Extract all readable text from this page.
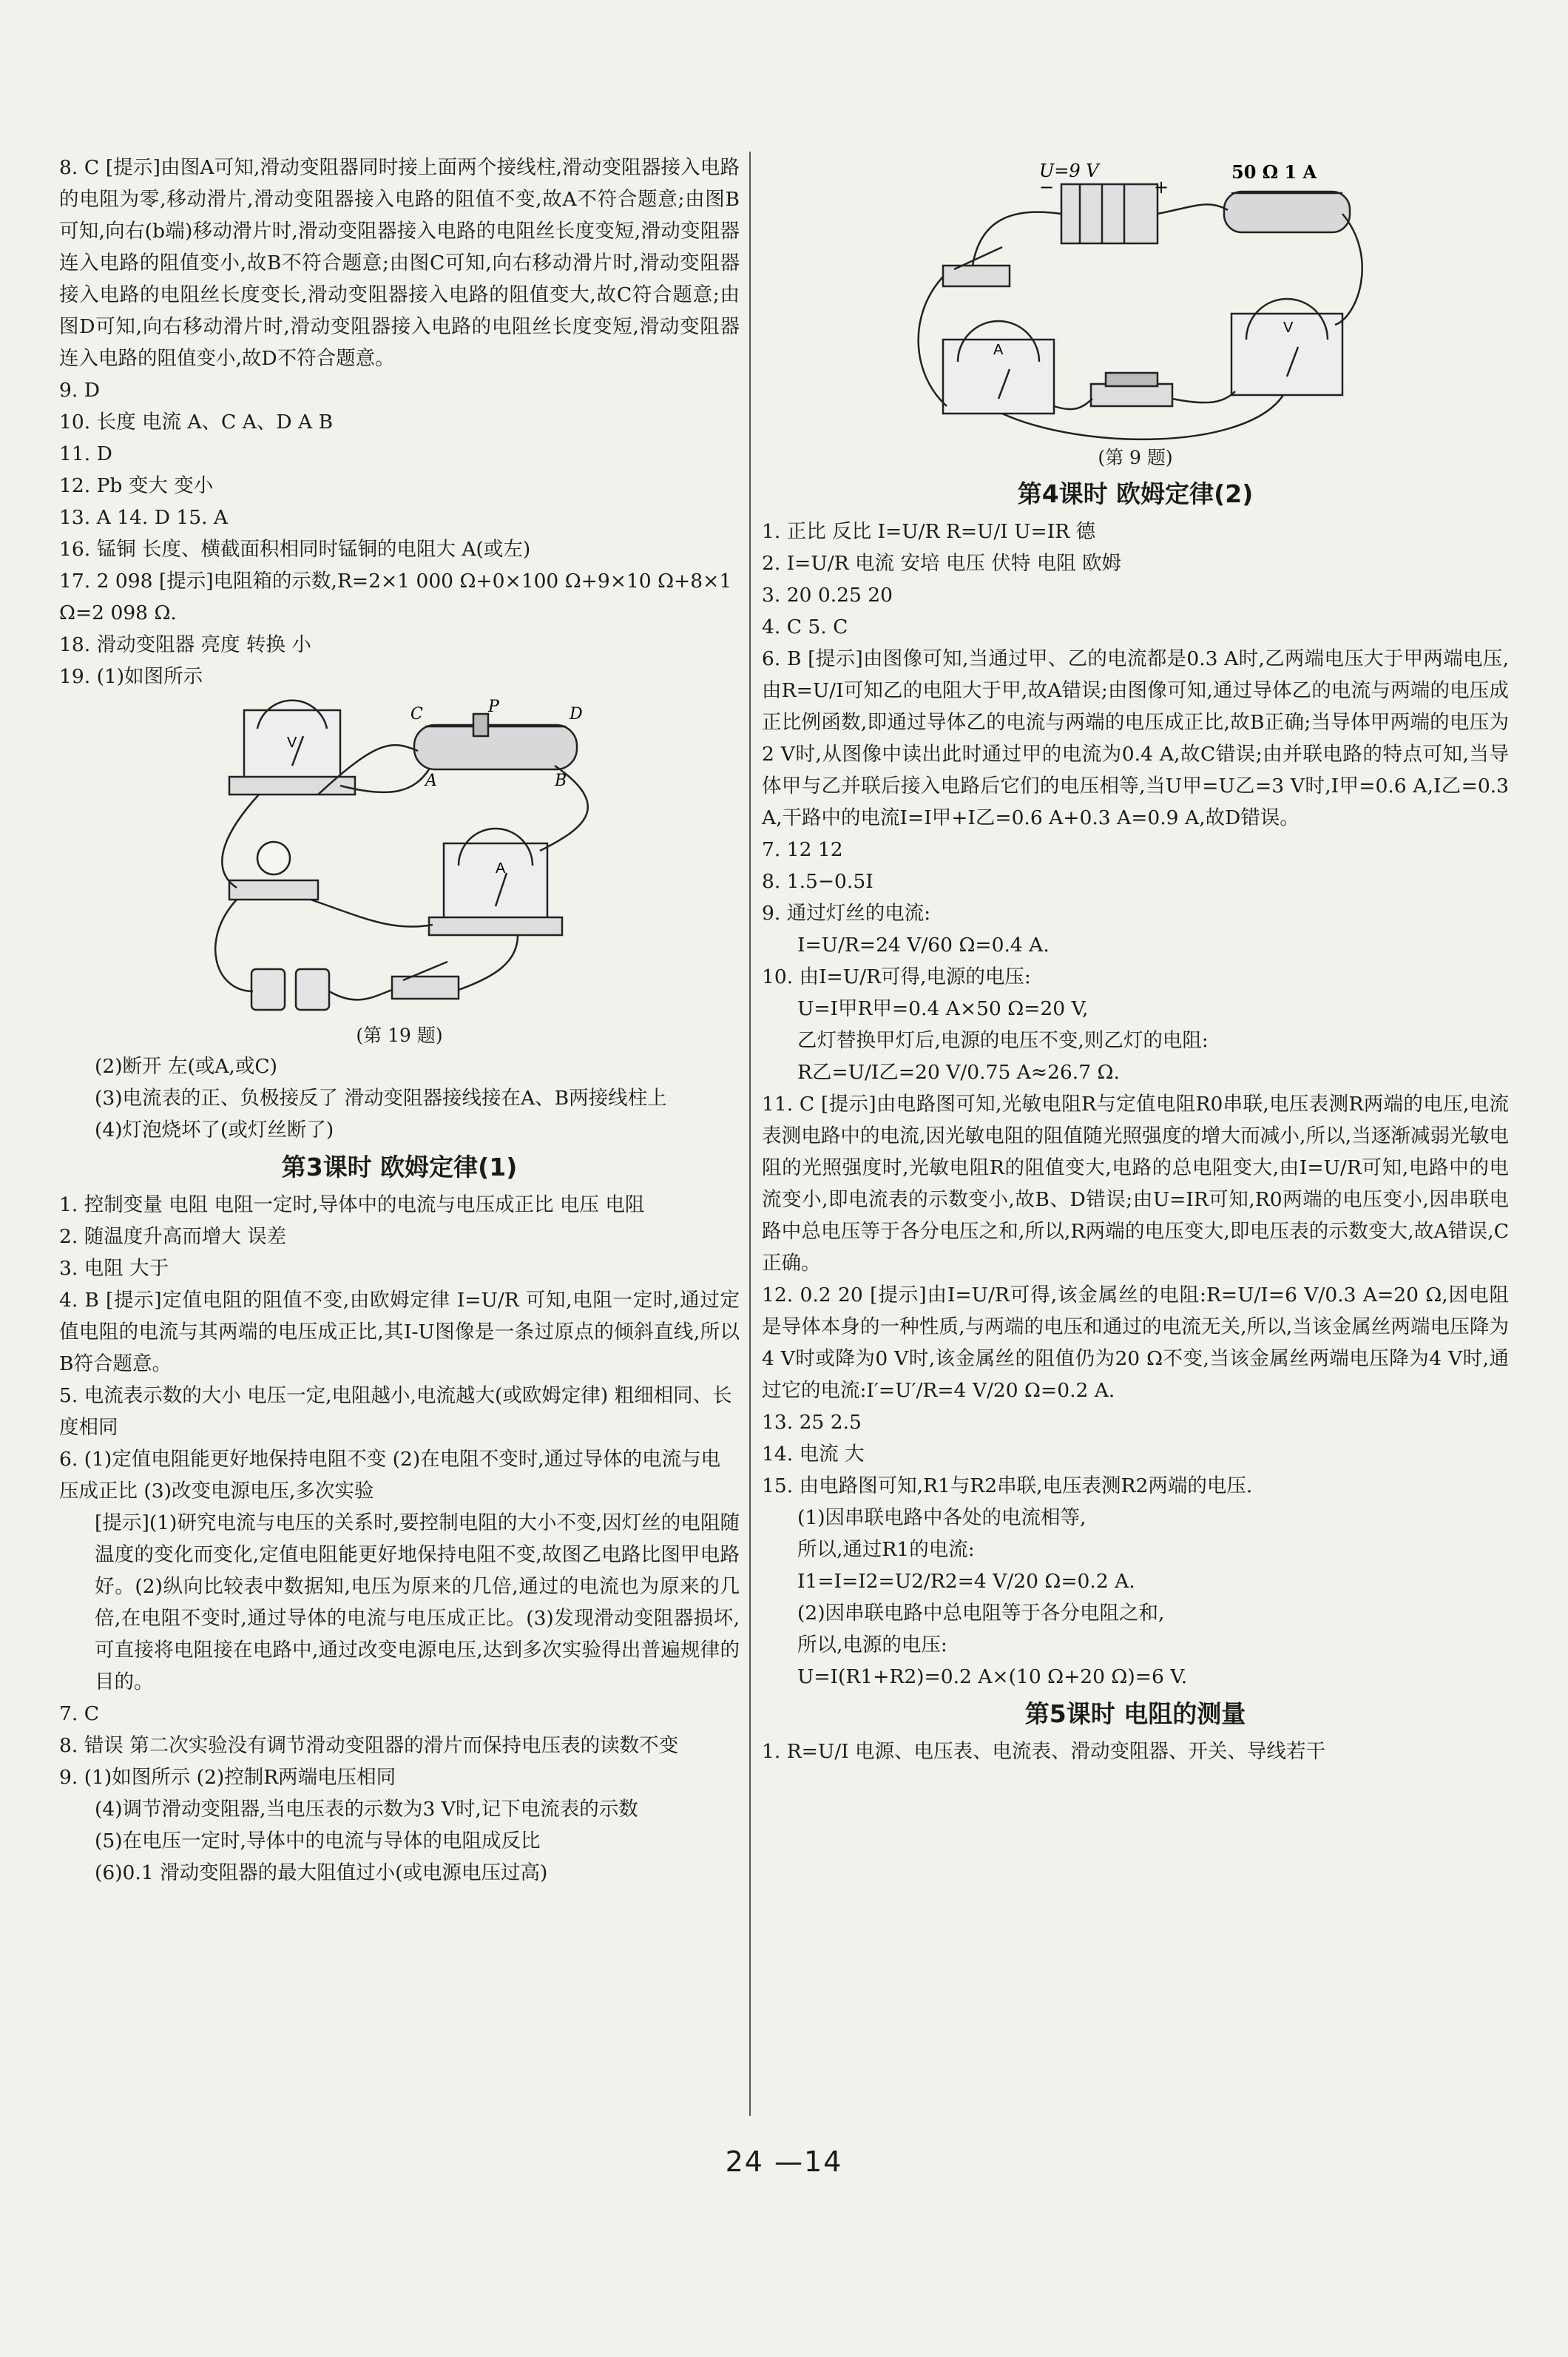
8. C [提示]由图A可知,滑动变阻器同时接上面两个接线柱,滑动变阻器接入电路的电阻为零,移动滑片,滑动变阻器接入电路的阻值不变,故A不符合题意;由图B可知,向右(b端)移动滑片时,滑动变阻器接入电路的电阻丝长度变短,滑动变阻器连入电路的阻值变小,故B不符合题意;由图C可知,向右移动滑片时,滑动变阻器接入电路的电阻丝长度变长,滑动变阻器接入电路的阻值变大,故C符合题意;由图D可知,向右移动滑片时,滑动变阻器接入电路的电阻丝长度变短,滑动变阻器连入电路的阻值变小,故D不符合题意。
9. D
10. 长度 电流 A、C A、D A B
11. D
12. Pb 变大 变小
13. A 14. D 15. A
16. 锰铜 长度、横截面积相同时锰铜的电阻大 A(或左)
17. 2 098 [提示]电阻箱的示数,R=2×1 000 Ω+0×100 Ω+9×10 Ω+8×1 Ω=2 098 Ω.
18. 滑动变阻器 亮度 转换 小
19. (1)如图所示
V
A
C	P	D
A	B
(第 19 题)
(2)断开 左(或A,或C)
(3)电流表的正、负极接反了 滑动变阻器接线接在A、B两接线柱上
(4)灯泡烧坏了(或灯丝断了)
第3课时 欧姆定律(1)
1. 控制变量 电阻 电阻一定时,导体中的电流与电压成正比 电压 电阻
2. 随温度升高而增大 误差
3. 电阻 大于
4. B [提示]定值电阻的阻值不变,由欧姆定律 I=U/R 可知,电阻一定时,通过定值电阻的电流与其两端的电压成正比,其I-U图像是一条过原点的倾斜直线,所以B符合题意。
5. 电流表示数的大小 电压一定,电阻越小,电流越大(或欧姆定律) 粗细相同、长度相同
6. (1)定值电阻能更好地保持电阻不变 (2)在电阻不变时,通过导体的电流与电压成正比 (3)改变电源电压,多次实验
[提示](1)研究电流与电压的关系时,要控制电阻的大小不变,因灯丝的电阻随温度的变化而变化,定值电阻能更好地保持电阻不变,故图乙电路比图甲电路好。(2)纵向比较表中数据知,电压为原来的几倍,通过的电流也为原来的几倍,在电阻不变时,通过导体的电流与电压成正比。(3)发现滑动变阻器损坏,可直接将电阻接在电路中,通过改变电源电压,达到多次实验得出普遍规律的目的。
7. C
8. 错误 第二次实验没有调节滑动变阻器的滑片而保持电压表的读数不变
9. (1)如图所示 (2)控制R两端电压相同
(4)调节滑动变阻器,当电压表的示数为3 V时,记下电流表的示数
(5)在电压一定时,导体中的电流与导体的电阻成反比
(6)0.1 滑动变阻器的最大阻值过小(或电源电压过高)
U=9 V
−	+
50 Ω 1 A
A
V
(第 9 题)
第4课时 欧姆定律(2)
1. 正比 反比 I=U/R R=U/I U=IR 德
2. I=U/R 电流 安培 电压 伏特 电阻 欧姆
3. 20 0.25 20
4. C 5. C
6. B [提示]由图像可知,当通过甲、乙的电流都是0.3 A时,乙两端电压大于甲两端电压,由R=U/I可知乙的电阻大于甲,故A错误;由图像可知,通过导体乙的电流与两端的电压成正比例函数,即通过导体乙的电流与两端的电压成正比,故B正确;当导体甲两端的电压为2 V时,从图像中读出此时通过甲的电流为0.4 A,故C错误;由并联电路的特点可知,当导体甲与乙并联后接入电路后它们的电压相等,当U甲=U乙=3 V时,I甲=0.6 A,I乙=0.3 A,干路中的电流I=I甲+I乙=0.6 A+0.3 A=0.9 A,故D错误。
7. 12 12
8. 1.5−0.5I
9. 通过灯丝的电流:
I=U/R=24 V/60 Ω=0.4 A.
10. 由I=U/R可得,电源的电压:
U=I甲R甲=0.4 A×50 Ω=20 V,
乙灯替换甲灯后,电源的电压不变,则乙灯的电阻:
R乙=U/I乙=20 V/0.75 A≈26.7 Ω.
11. C [提示]由电路图可知,光敏电阻R与定值电阻R0串联,电压表测R两端的电压,电流表测电路中的电流,因光敏电阻的阻值随光照强度的增大而减小,所以,当逐渐减弱光敏电阻的光照强度时,光敏电阻R的阻值变大,电路的总电阻变大,由I=U/R可知,电路中的电流变小,即电流表的示数变小,故B、D错误;由U=IR可知,R0两端的电压变小,因串联电路中总电压等于各分电压之和,所以,R两端的电压变大,即电压表的示数变大,故A错误,C正确。
12. 0.2 20 [提示]由I=U/R可得,该金属丝的电阻:R=U/I=6 V/0.3 A=20 Ω,因电阻是导体本身的一种性质,与两端的电压和通过的电流无关,所以,当该金属丝两端电压降为4 V时或降为0 V时,该金属丝的阻值仍为20 Ω不变,当该金属丝两端电压降为4 V时,通过它的电流:I′=U′/R=4 V/20 Ω=0.2 A.
13. 25 2.5
14. 电流 大
15. 由电路图可知,R1与R2串联,电压表测R2两端的电压.
(1)因串联电路中各处的电流相等,
所以,通过R1的电流:
I1=I=I2=U2/R2=4 V/20 Ω=0.2 A.
(2)因串联电路中总电阻等于各分电阻之和,
所以,电源的电压:
U=I(R1+R2)=0.2 A×(10 Ω+20 Ω)=6 V.
第5课时 电阻的测量
1. R=U/I 电源、电压表、电流表、滑动变阻器、开关、导线若干
24 —14
